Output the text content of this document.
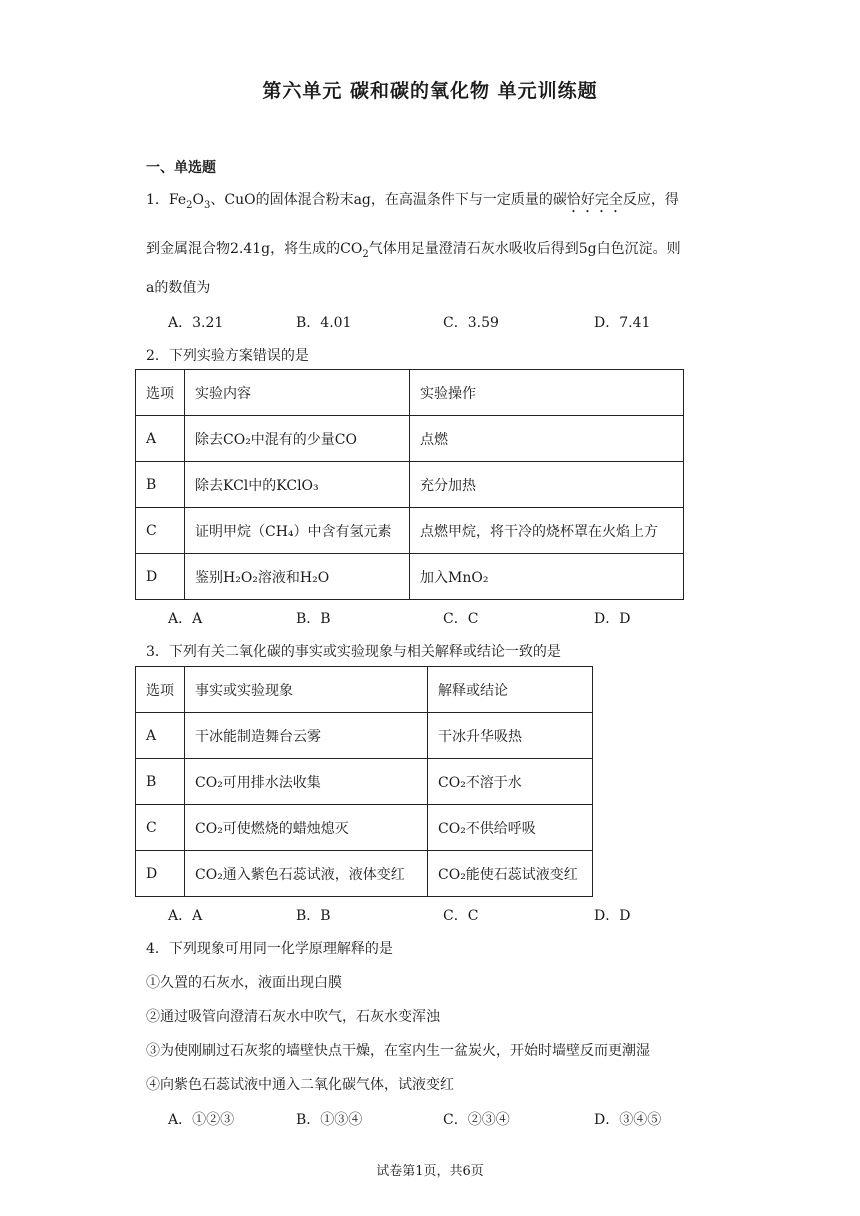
第六单元 碳和碳的氧化物 单元训练题
一、单选题
1．$Fe_2O_3$、CuO的固体混合粉末ag，在高温条件下与一定质量的碳恰好完全反应，得
到金属混合物2.41g，将生成的$CO_2$气体用足量澄清石灰水吸收后得到5g白色沉淀。则
a的数值为
A．3.21	B．4.01	C．3.59	D．7.41
2．下列实验方案错误的是
选项	实验内容	实验操作
A	除去CO₂中混有的少量CO	点燃
B	除去KCl中的KClO₃	充分加热
C	证明甲烷（CH₄）中含有氢元素	点燃甲烷，将干冷的烧杯罩在火焰上方
D	鉴别H₂O₂溶液和H₂O	加入MnO₂
A．A	B．B	C．C	D．D
3．下列有关二氧化碳的事实或实验现象与相关解释或结论一致的是
选项	事实或实验现象	解释或结论
A	干冰能制造舞台云雾	干冰升华吸热
B	CO₂可用排水法收集	CO₂不溶于水
C	CO₂可使燃烧的蜡烛熄灭	CO₂不供给呼吸
D	CO₂通入紫色石蕊试液，液体变红	CO₂能使石蕊试液变红
A．A	B．B	C．C	D．D
4．下列现象可用同一化学原理解释的是
①久置的石灰水，液面出现白膜
②通过吸管向澄清石灰水中吹气，石灰水变浑浊
③为使刚刷过石灰浆的墙壁快点干燥，在室内生一盆炭火，开始时墙壁反而更潮湿
④向紫色石蕊试液中通入二氧化碳气体，试液变红
A．①②③	B．①③④	C．②③④	D．③④⑤
试卷第1页，共6页
